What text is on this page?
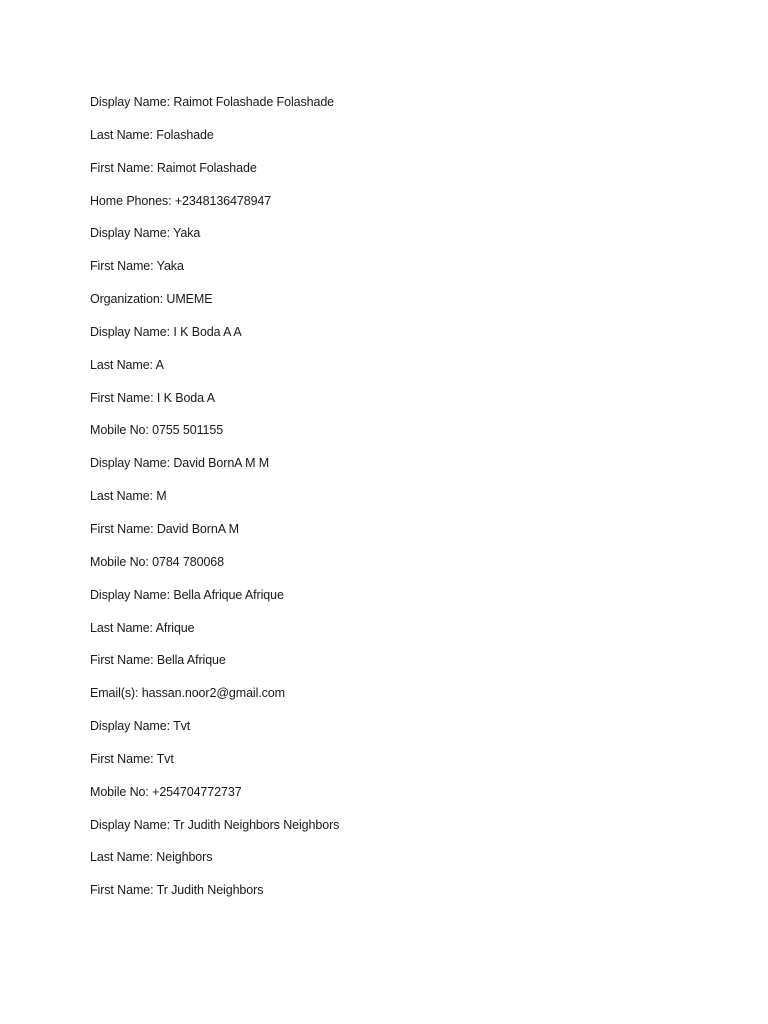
Display Name: Raimot Folashade Folashade
Last Name: Folashade
First Name: Raimot Folashade
Home Phones: +2348136478947
Display Name: Yaka
First Name: Yaka
Organization: UMEME
Display Name: I K Boda A A
Last Name: A
First Name: I K Boda A
Mobile No: 0755 501155
Display Name: David BornA M M
Last Name: M
First Name: David BornA M
Mobile No: 0784 780068
Display Name: Bella Afrique Afrique
Last Name: Afrique
First Name: Bella Afrique
Email(s): hassan.noor2@gmail.com
Display Name: Tvt
First Name: Tvt
Mobile No: +254704772737
Display Name: Tr Judith Neighbors Neighbors
Last Name: Neighbors
First Name: Tr Judith Neighbors
